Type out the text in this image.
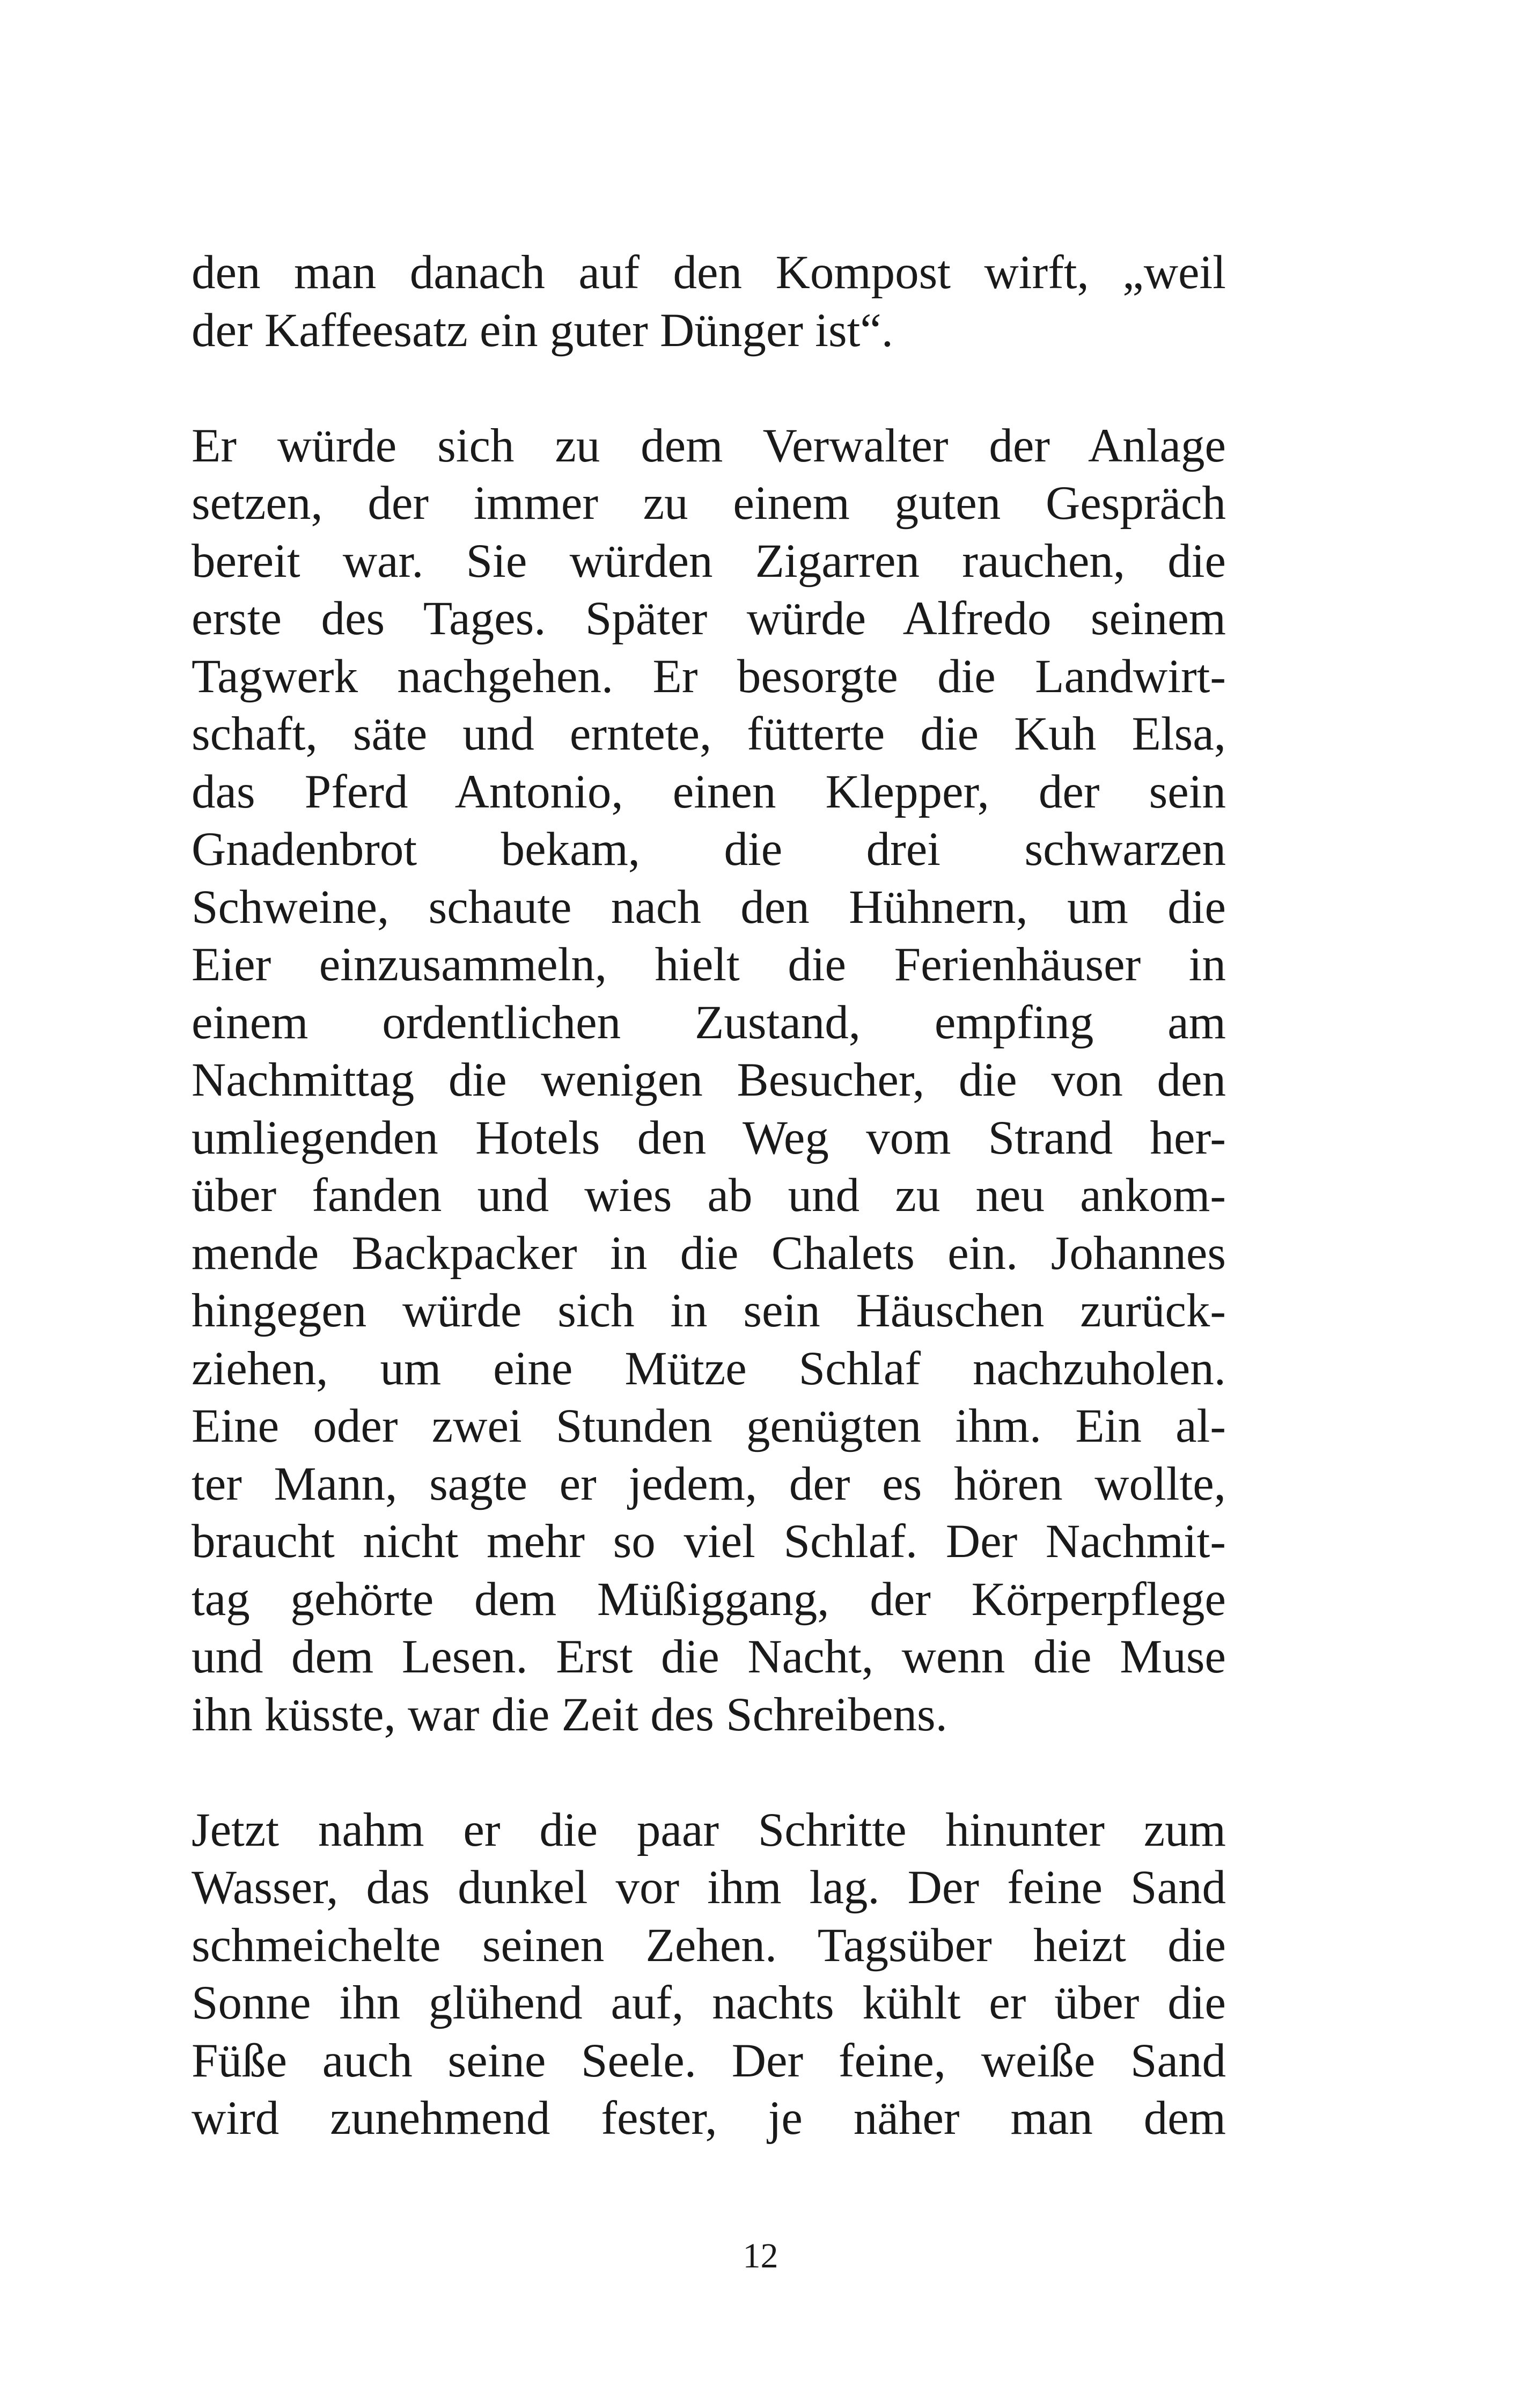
den man danach auf den Kompost wirft, „weil
der Kaffeesatz ein guter Dünger ist“.
Er würde sich zu dem Verwalter der Anlage
setzen, der immer zu einem guten Gespräch
bereit war. Sie würden Zigarren rauchen, die
erste des Tages. Später würde Alfredo seinem
Tagwerk nachgehen. Er besorgte die Landwirt-
schaft, säte und erntete, fütterte die Kuh Elsa,
das Pferd Antonio, einen Klepper, der sein
Gnadenbrot bekam, die drei schwarzen
Schweine, schaute nach den Hühnern, um die
Eier einzusammeln, hielt die Ferienhäuser in
einem ordentlichen Zustand, empfing am
Nachmittag die wenigen Besucher, die von den
umliegenden Hotels den Weg vom Strand her-
über fanden und wies ab und zu neu ankom-
mende Backpacker in die Chalets ein. Johannes
hingegen würde sich in sein Häuschen zurück-
ziehen, um eine Mütze Schlaf nachzuholen.
Eine oder zwei Stunden genügten ihm. Ein al-
ter Mann, sagte er jedem, der es hören wollte,
braucht nicht mehr so viel Schlaf. Der Nachmit-
tag gehörte dem Müßiggang, der Körperpflege
und dem Lesen. Erst die Nacht, wenn die Muse
ihn küsste, war die Zeit des Schreibens.
Jetzt nahm er die paar Schritte hinunter zum
Wasser, das dunkel vor ihm lag. Der feine Sand
schmeichelte seinen Zehen. Tagsüber heizt die
Sonne ihn glühend auf, nachts kühlt er über die
Füße auch seine Seele. Der feine, weiße Sand
wird zunehmend fester, je näher man dem
12
